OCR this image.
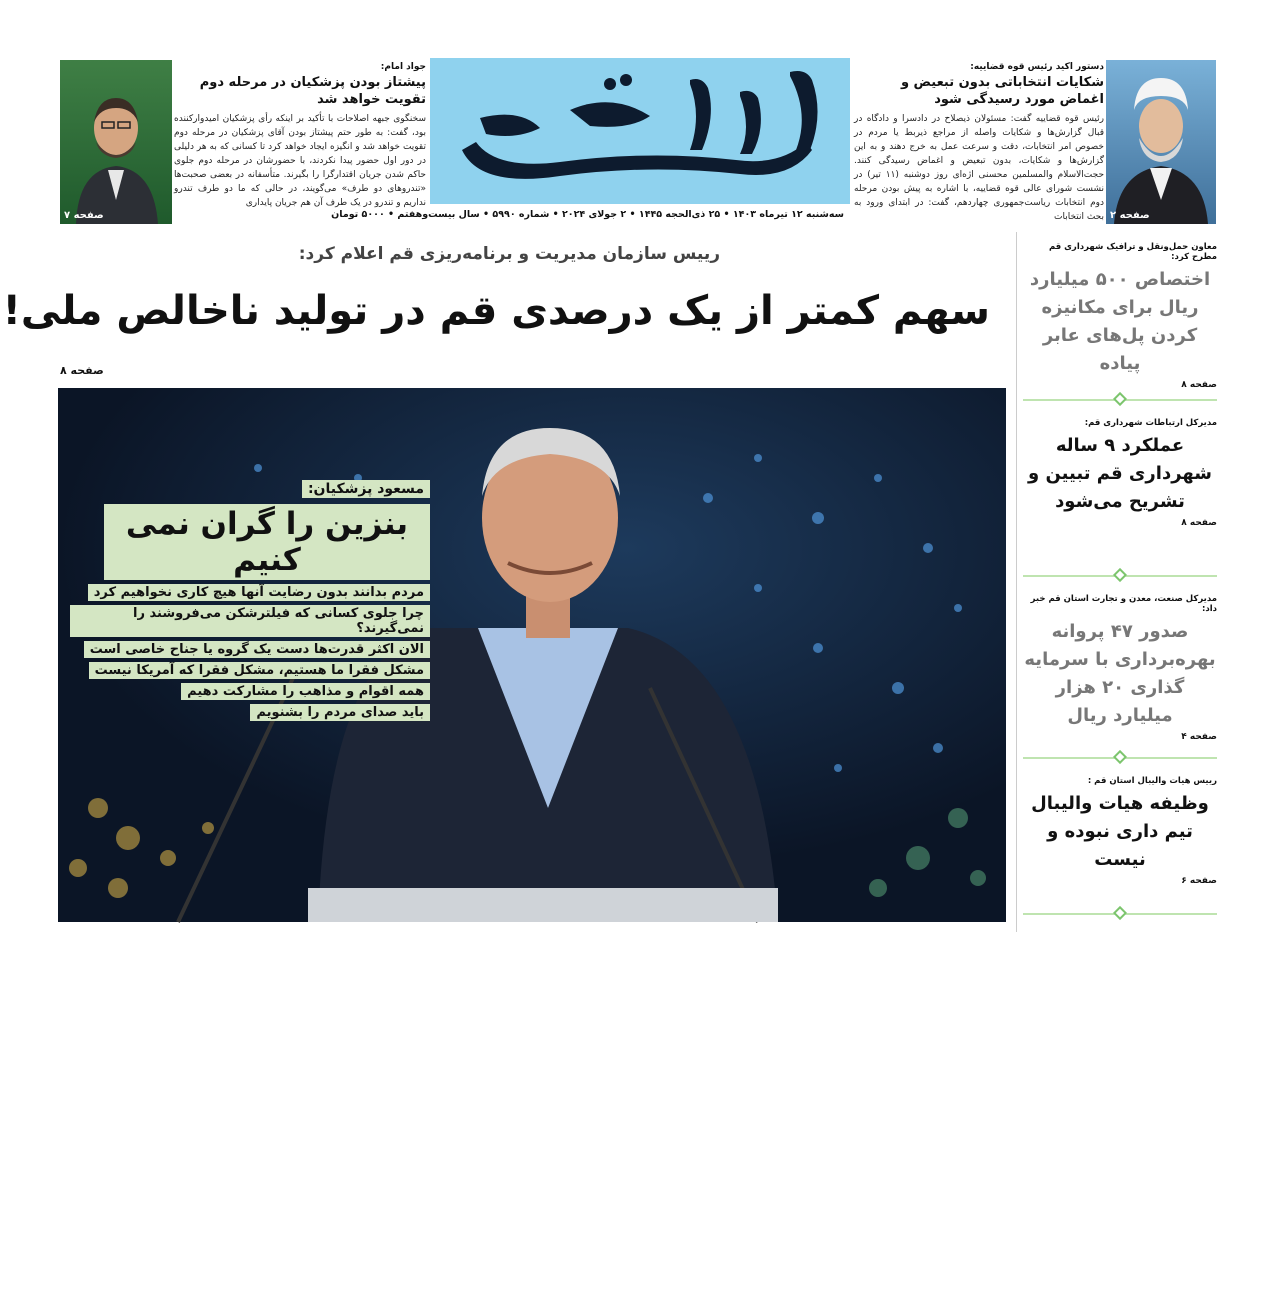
صفحه ۷
جواد امام:
پیشتاز بودن پزشکیان در مرحله دوم تقویت خواهد شد
سخنگوی جبهه اصلاحات با تأکید بر اینکه رأی پزشکیان امیدوارکننده بود، گفت: به طور حتم پیشتاز بودن آقای پزشکیان در مرحله دوم تقویت خواهد شد و انگیزه ایجاد خواهد کرد تا کسانی که به هر دلیلی در دور اول حضور پیدا نکردند، با حضورشان در مرحله دوم جلوی حاکم شدن جریان اقتدارگرا را بگیرند. متأسفانه در بعضی صحبت‌ها «تندروهای دو طرف» می‌گویند، در حالی که ما دو طرف تندرو نداریم و تندرو در یک طرف آن هم جریان پایداری
سه‌شنبه ۱۲ تیرماه ۱۴۰۳ • ۲۵ ذی‌الحجه ۱۴۴۵ • ۲ جولای ۲۰۲۴ • شماره ۵۹۹۰ • سال بیست‌وهفتم • ۵۰۰۰ تومان
دستور اکید رئیس قوه قضاییه:
شکایات انتخاباتی بدون تبعیض و اغماض مورد رسیدگی شود
رئیس قوه قضاییه گفت: مسئولان ذیصلاح در دادسرا و دادگاه در قبال گزارش‌ها و شکایات واصله از مراجع ذیربط یا مردم در خصوص امر انتخابات، دقت و سرعت عمل به خرج دهند و به این گزارش‌ها و شکایات، بدون تبعیض و اغماض رسیدگی کنند. حجت‌الاسلام والمسلمین محسنی اژه‌ای روز دوشنبه (۱۱ تیر) در نشست شورای عالی قوه قضاییه، با اشاره به پیش بودن مرحله دوم انتخابات ریاست‌جمهوری چهاردهم، گفت: در ابتدای ورود به بحث انتخابات صفحه ۲
رییس سازمان مدیریت و برنامه‌ریزی قم اعلام کرد:
سهم کمتر از یک درصدی قم در تولید ناخالص ملی!
صفحه ۸
صفحه ۱
مسعود پزشکیان:
بنزین را گران نمی کنیم
مردم بدانند بدون رضایت آنها هیچ کاری نخواهیم کرد
چرا جلوی کسانی که فیلترشکن می‌فروشند را نمی‌گیرند؟
الان اکثر قدرت‌ها دست یک گروه یا جناح خاصی است
مشکل فقرا ما هستیم، مشکل فقرا که آمریکا نیست
همه اقوام و مذاهب را مشارکت دهیم
باید صدای مردم را بشنویم
معاون حمل‌ونقل و ترافیک شهرداری قم مطرح کرد:
اختصاص ۵۰۰ میلیارد ریال برای مکانیزه کردن پل‌های عابر پیاده
صفحه ۸
مدیرکل ارتباطات شهرداری قم:
عملکرد ۹ ساله شهرداری قم تبیین و تشریح می‌شود
صفحه ۸
مدیرکل صنعت، معدن و تجارت استان قم خبر داد:
صدور ۴۷ پروانه بهره‌برداری با سرمایه گذاری ۲۰ هزار میلیارد ریال
صفحه ۴
رییس هیات والیبال استان قم :
وظیفه هیات والیبال تیم داری نبوده و نیست
صفحه ۶
